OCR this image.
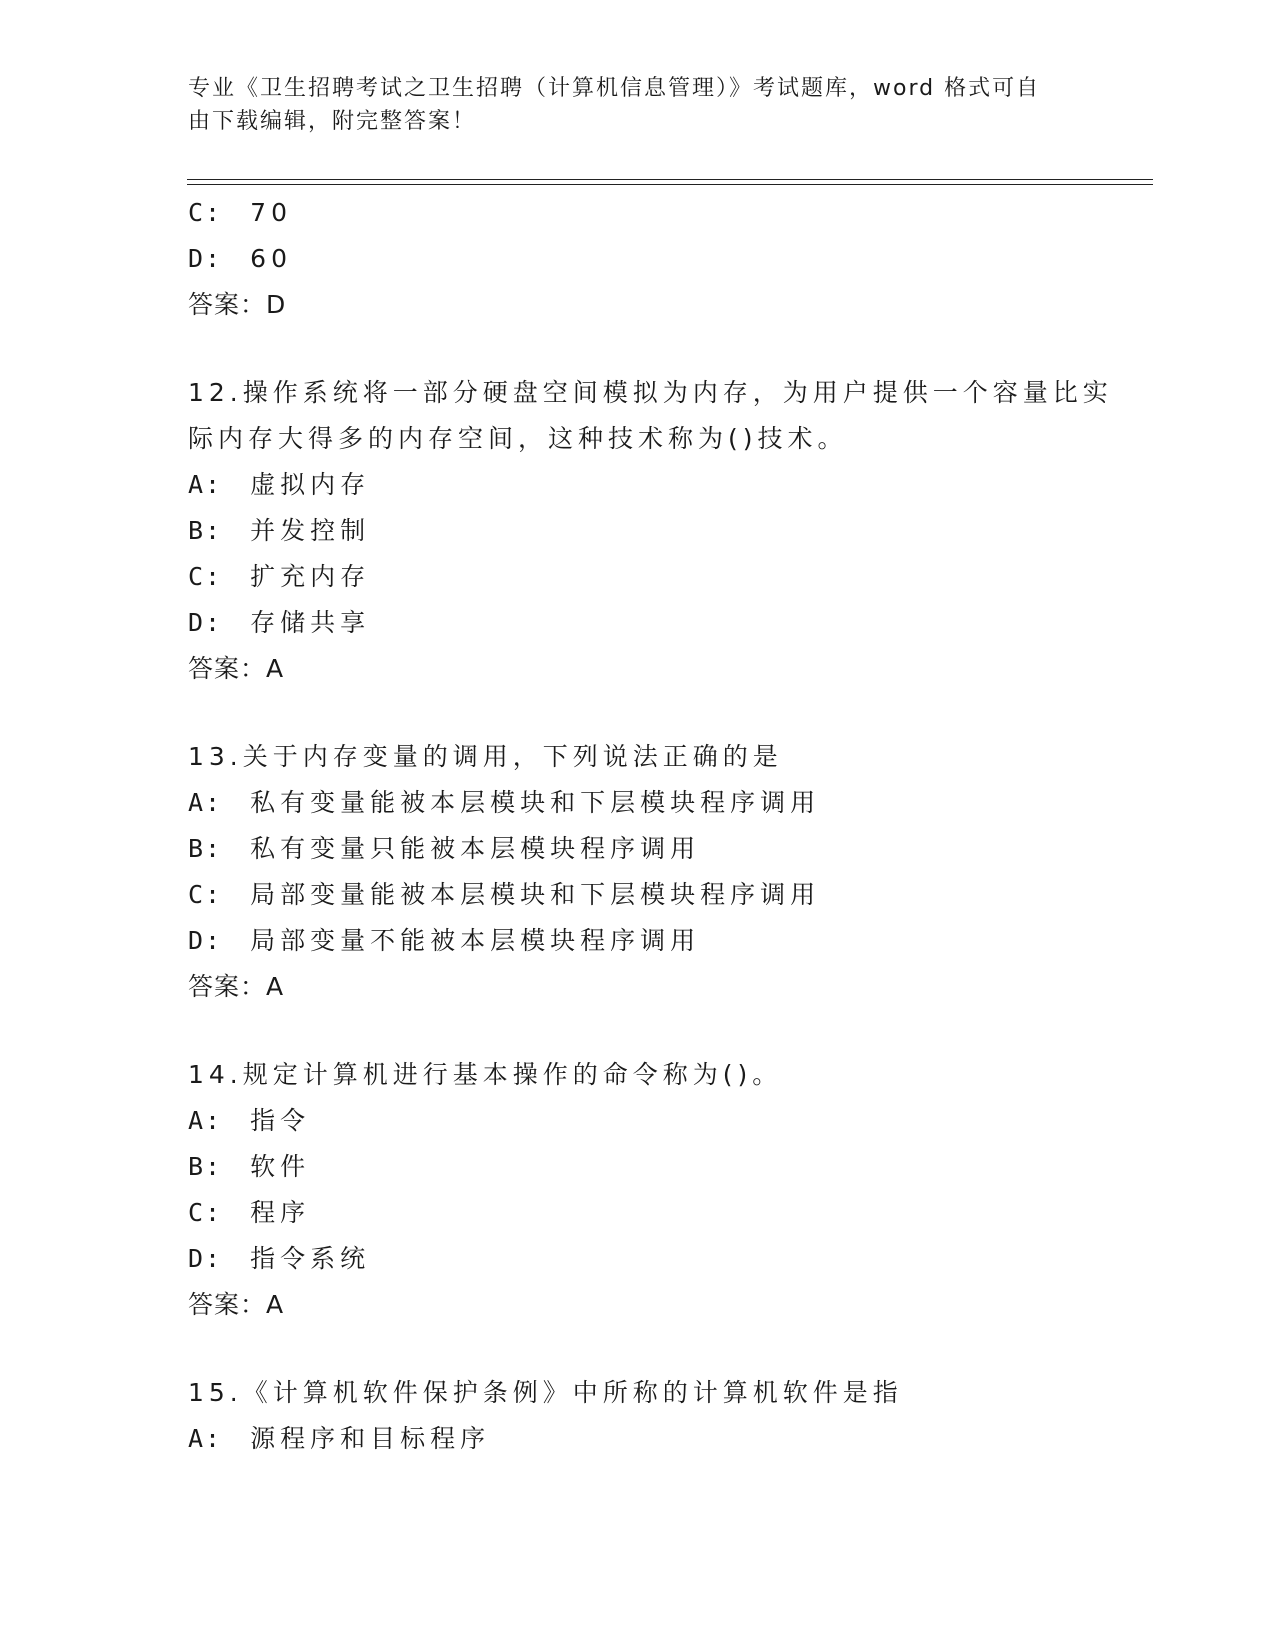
专业《卫生招聘考试之卫生招聘（计算机信息管理）》考试题库，word 格式可自
由下载编辑，附完整答案！
C: 70
D: 60
答案：D
12.操作系统将一部分硬盘空间模拟为内存，为用户提供一个容量比实
际内存大得多的内存空间，这种技术称为()技术。
A: 虚拟内存
B: 并发控制
C: 扩充内存
D: 存储共享
答案：A
13.关于内存变量的调用，下列说法正确的是
A: 私有变量能被本层模块和下层模块程序调用
B: 私有变量只能被本层模块程序调用
C: 局部变量能被本层模块和下层模块程序调用
D: 局部变量不能被本层模块程序调用
答案：A
14.规定计算机进行基本操作的命令称为()。
A: 指令
B: 软件
C: 程序
D: 指令系统
答案：A
15.《计算机软件保护条例》中所称的计算机软件是指
A: 源程序和目标程序
